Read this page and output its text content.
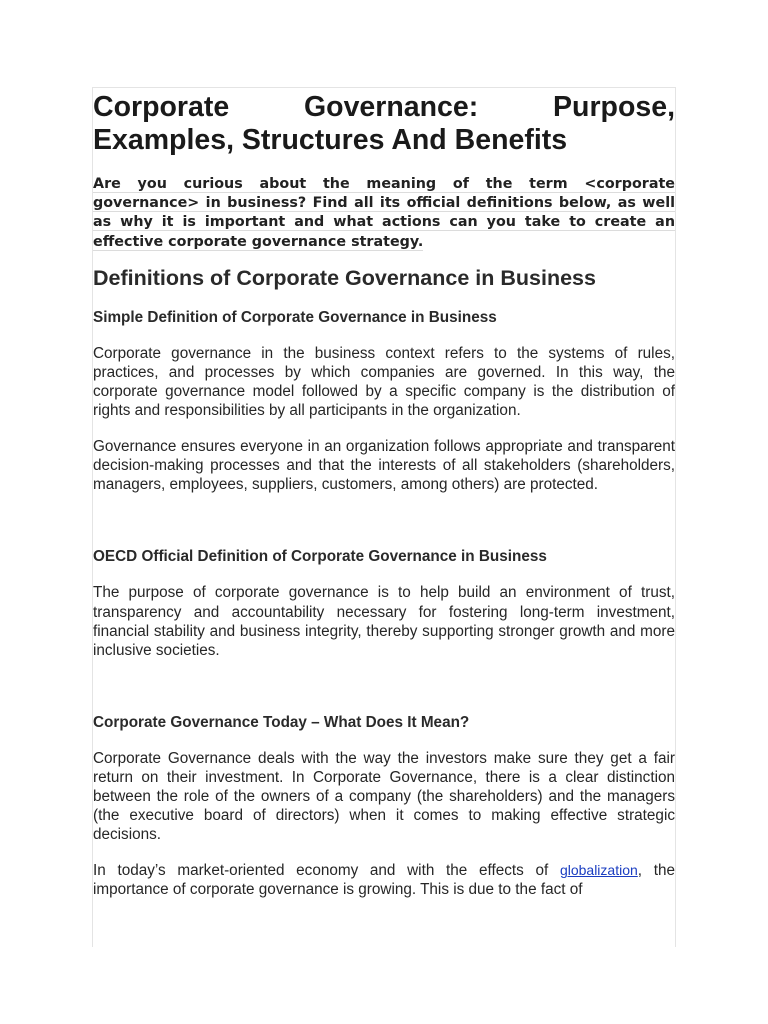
Corporate Governance: Purpose, Examples, Structures And Benefits

Are you curious about the meaning of the term <corporate governance> in business? Find all its official definitions below, as well as why it is important and what actions can you take to create an effective corporate governance strategy.

Definitions of Corporate Governance in Business
Simple Definition of Corporate Governance in Business

Corporate governance in the business context refers to the systems of rules, practices, and processes by which companies are governed. In this way, the corporate governance model followed by a specific company is the distribution of rights and responsibilities by all participants in the organization.

Governance ensures everyone in an organization follows appropriate and transparent decision-making processes and that the interests of all stakeholders (shareholders, managers, employees, suppliers, customers, among others) are protected.

OECD Official Definition of Corporate Governance in Business

The purpose of corporate governance is to help build an environment of trust, transparency and accountability necessary for fostering long-term investment, financial stability and business integrity, thereby supporting stronger growth and more inclusive societies.

Corporate Governance Today – What Does It Mean?

Corporate Governance deals with the way the investors make sure they get a fair return on their investment. In Corporate Governance, there is a clear distinction between the role of the owners of a company (the shareholders) and the managers (the executive board of directors) when it comes to making effective strategic decisions.

In today’s market-oriented economy and with the effects of globalization, the importance of corporate governance is growing. This is due to the fact of
